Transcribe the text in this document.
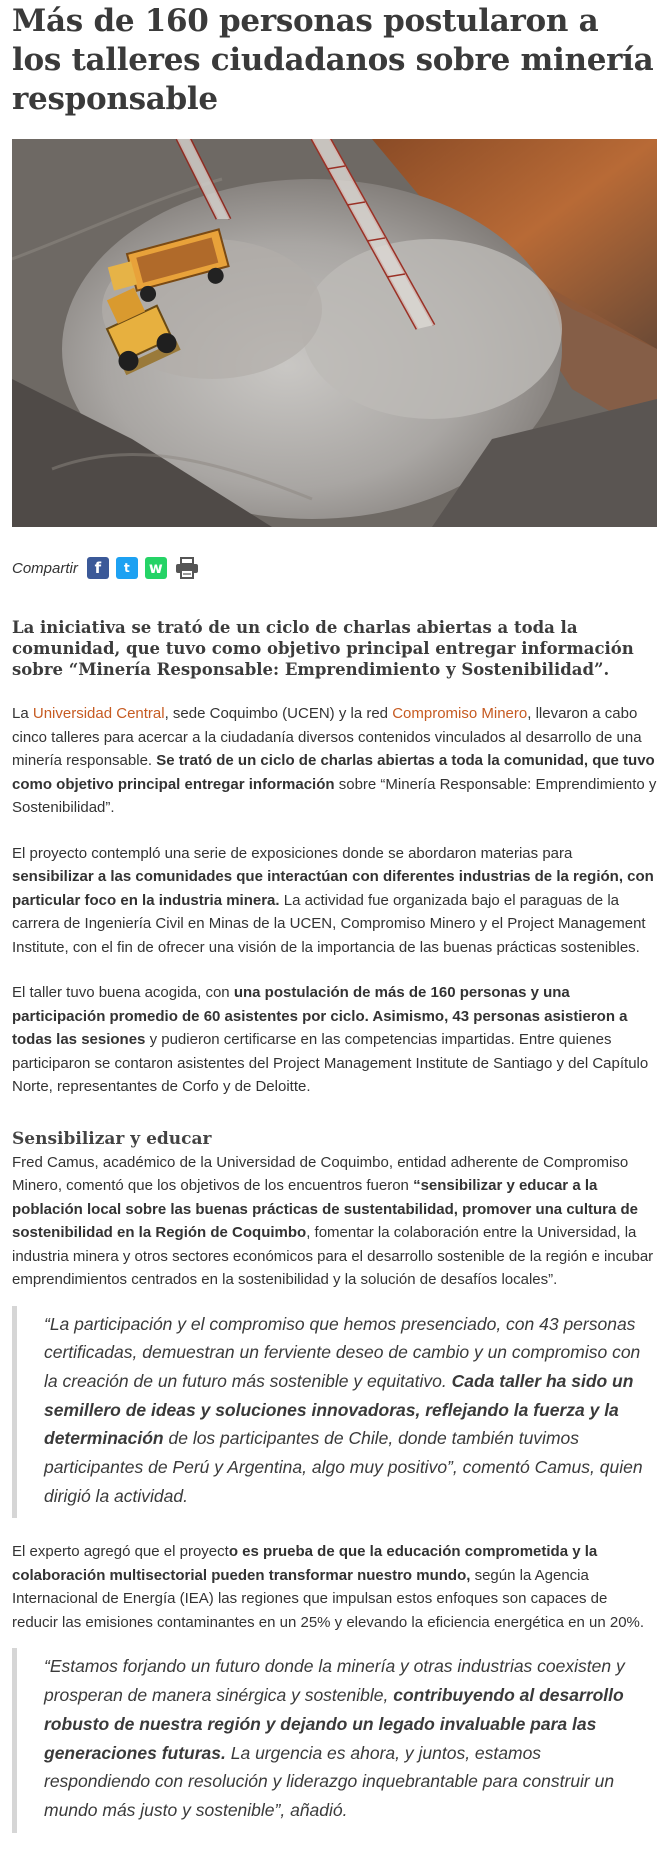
Más de 160 personas postularon a los talleres ciudadanos sobre minería responsable
Compartir	f	t	w
La iniciativa se trató de un ciclo de charlas abiertas a toda la comunidad, que tuvo como objetivo principal entregar información sobre “Minería Responsable: Emprendimiento y Sostenibilidad”.

La Universidad Central, sede Coquimbo (UCEN) y la red Compromiso Minero, llevaron a cabo cinco talleres para acercar a la ciudadanía diversos contenidos vinculados al desarrollo de una minería responsable. Se trató de un ciclo de charlas abiertas a toda la comunidad, que tuvo como objetivo principal entregar información sobre “Minería Responsable: Emprendimiento y Sostenibilidad”.

El proyecto contempló una serie de exposiciones donde se abordaron materias para sensibilizar a las comunidades que interactúan con diferentes industrias de la región, con particular foco en la industria minera. La actividad fue organizada bajo el paraguas de la carrera de Ingeniería Civil en Minas de la UCEN, Compromiso Minero y el Project Management Institute, con el fin de ofrecer una visión de la importancia de las buenas prácticas sostenibles.

El taller tuvo buena acogida, con una postulación de más de 160 personas y una participación promedio de 60 asistentes por ciclo. Asimismo, 43 personas asistieron a todas las sesiones y pudieron certificarse en las competencias impartidas. Entre quienes participaron se contaron asistentes del Project Management Institute de Santiago y del Capítulo Norte, representantes de Corfo y de Deloitte.

Sensibilizar y educar

Fred Camus, académico de la Universidad de Coquimbo, entidad adherente de Compromiso Minero, comentó que los objetivos de los encuentros fueron “sensibilizar y educar a la población local sobre las buenas prácticas de sustentabilidad, promover una cultura de sostenibilidad en la Región de Coquimbo, fomentar la colaboración entre la Universidad, la industria minera y otros sectores económicos para el desarrollo sostenible de la región e incubar emprendimientos centrados en la sostenibilidad y la solución de desafíos locales”.

“La participación y el compromiso que hemos presenciado, con 43 personas certificadas, demuestran un ferviente deseo de cambio y un compromiso con la creación de un futuro más sostenible y equitativo. Cada taller ha sido un semillero de ideas y soluciones innovadoras, reflejando la fuerza y la determinación de los participantes de Chile, donde también tuvimos participantes de Perú y Argentina, algo muy positivo”, comentó Camus, quien dirigió la actividad.

El experto agregó que el proyecto es prueba de que la educación comprometida y la colaboración multisectorial pueden transformar nuestro mundo, según la Agencia Internacional de Energía (IEA) las regiones que impulsan estos enfoques son capaces de reducir las emisiones contaminantes en un 25% y elevando la eficiencia energética en un 20%.

“Estamos forjando un futuro donde la minería y otras industrias coexisten y prosperan de manera sinérgica y sostenible, contribuyendo al desarrollo robusto de nuestra región y dejando un legado invaluable para las generaciones futuras. La urgencia es ahora, y juntos, estamos respondiendo con resolución y liderazgo inquebrantable para construir un mundo más justo y sostenible”, añadió.
